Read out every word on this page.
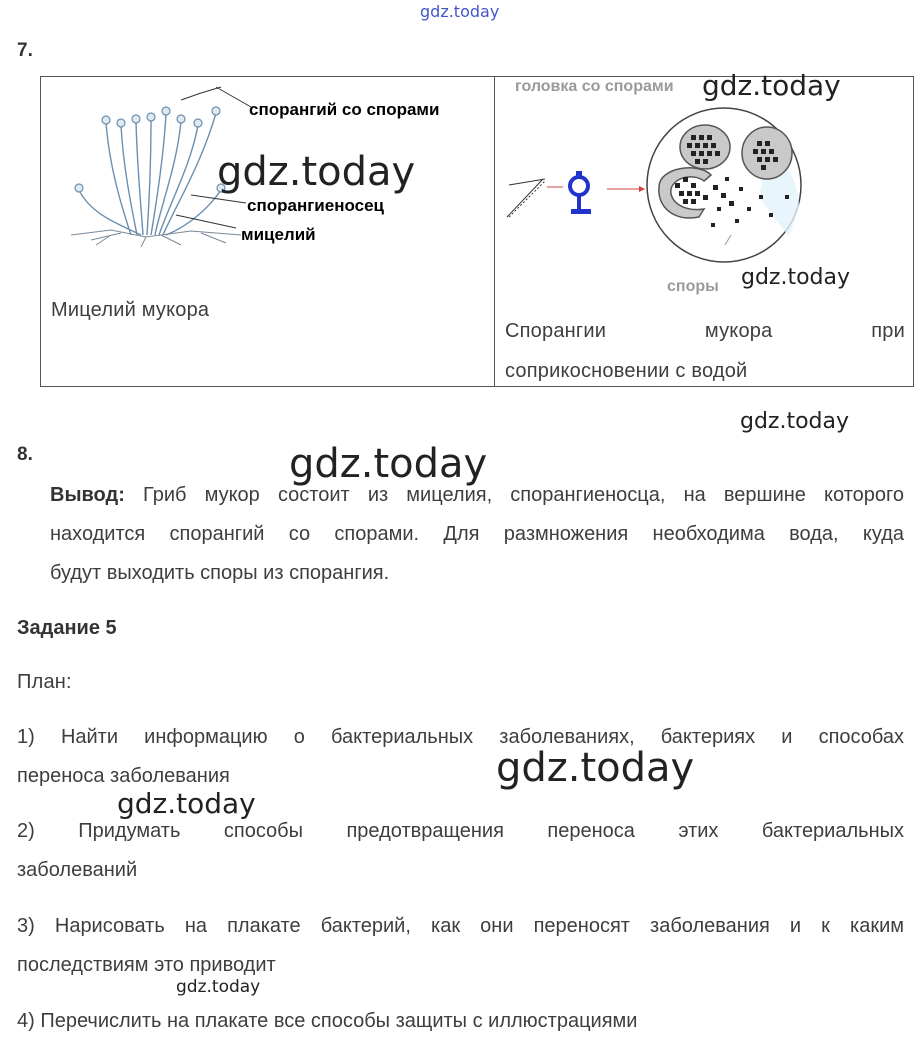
gdz.today
7.
спорангий со спорами
спорангиеносец
мицелий
Мицелий мукора
gdz.today

головка со спорами
споры
gdz.today
gdz.today
Спорангии мукора при
соприкосновении с водой
gdz.today
8.	gdz.today
Вывод: Гриб мукор состоит из мицелия, спорангиеносца, на вершине которого
находится спорангий со спорами. Для размножения необходима вода, куда
будут выходить споры из спорангия.
Задание 5
План:
1) Найти информацию о бактериальных заболеваниях, бактериях и способах
переноса заболевания	gdz.today
gdz.today
2) Придумать способы предотвращения переноса этих бактериальных
заболеваний
3) Нарисовать на плакате бактерий, как они переносят заболевания и к каким
последствиям это приводит
gdz.today
4) Перечислить на плакате все способы защиты с иллюстрациями
